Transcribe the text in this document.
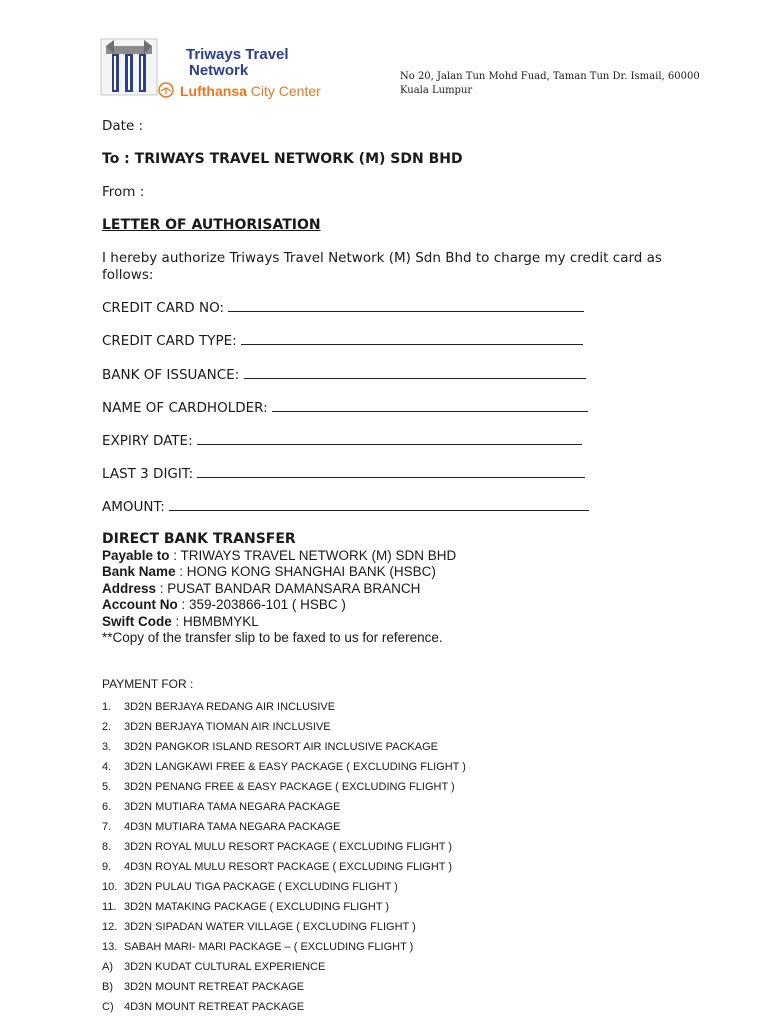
Triways Travel
Network
Lufthansa City Center
No 20, Jalan Tun Mohd Fuad, Taman Tun Dr. Ismail, 60000 Kuala Lumpur
Date :
To : TRIWAYS TRAVEL NETWORK (M) SDN BHD
From :
LETTER OF AUTHORISATION
I hereby authorize Triways Travel Network (M) Sdn Bhd to charge my credit card as follows:
CREDIT CARD NO:
CREDIT CARD TYPE:
BANK OF ISSUANCE:
NAME OF CARDHOLDER:
EXPIRY DATE:
LAST 3 DIGIT:
AMOUNT:
DIRECT BANK TRANSFER
Payable to : TRIWAYS TRAVEL NETWORK (M) SDN BHD
Bank Name : HONG KONG SHANGHAI BANK (HSBC)
Address : PUSAT BANDAR DAMANSARA BRANCH
Account No : 359-203866-101 ( HSBC )
Swift Code : HBMBMYKL
**Copy of the transfer slip to be faxed to us for reference.
PAYMENT FOR :
1. 3D2N BERJAYA REDANG AIR INCLUSIVE
2. 3D2N BERJAYA TIOMAN AIR INCLUSIVE
3. 3D2N PANGKOR ISLAND RESORT AIR INCLUSIVE PACKAGE
4. 3D2N LANGKAWI FREE & EASY PACKAGE ( EXCLUDING FLIGHT )
5. 3D2N PENANG FREE & EASY PACKAGE ( EXCLUDING FLIGHT )
6. 3D2N MUTIARA TAMA NEGARA PACKAGE
7. 4D3N MUTIARA TAMA NEGARA PACKAGE
8. 3D2N ROYAL MULU RESORT PACKAGE ( EXCLUDING FLIGHT )
9. 4D3N ROYAL MULU RESORT PACKAGE ( EXCLUDING FLIGHT )
10. 3D2N PULAU TIGA PACKAGE ( EXCLUDING FLIGHT )
11. 3D2N MATAKING PACKAGE ( EXCLUDING FLIGHT )
12. 3D2N SIPADAN WATER VILLAGE ( EXCLUDING FLIGHT )
13. SABAH MARI- MARI PACKAGE – ( EXCLUDING FLIGHT )
A) 3D2N KUDAT CULTURAL EXPERIENCE
B) 3D2N MOUNT RETREAT PACKAGE
C) 4D3N MOUNT RETREAT PACKAGE
